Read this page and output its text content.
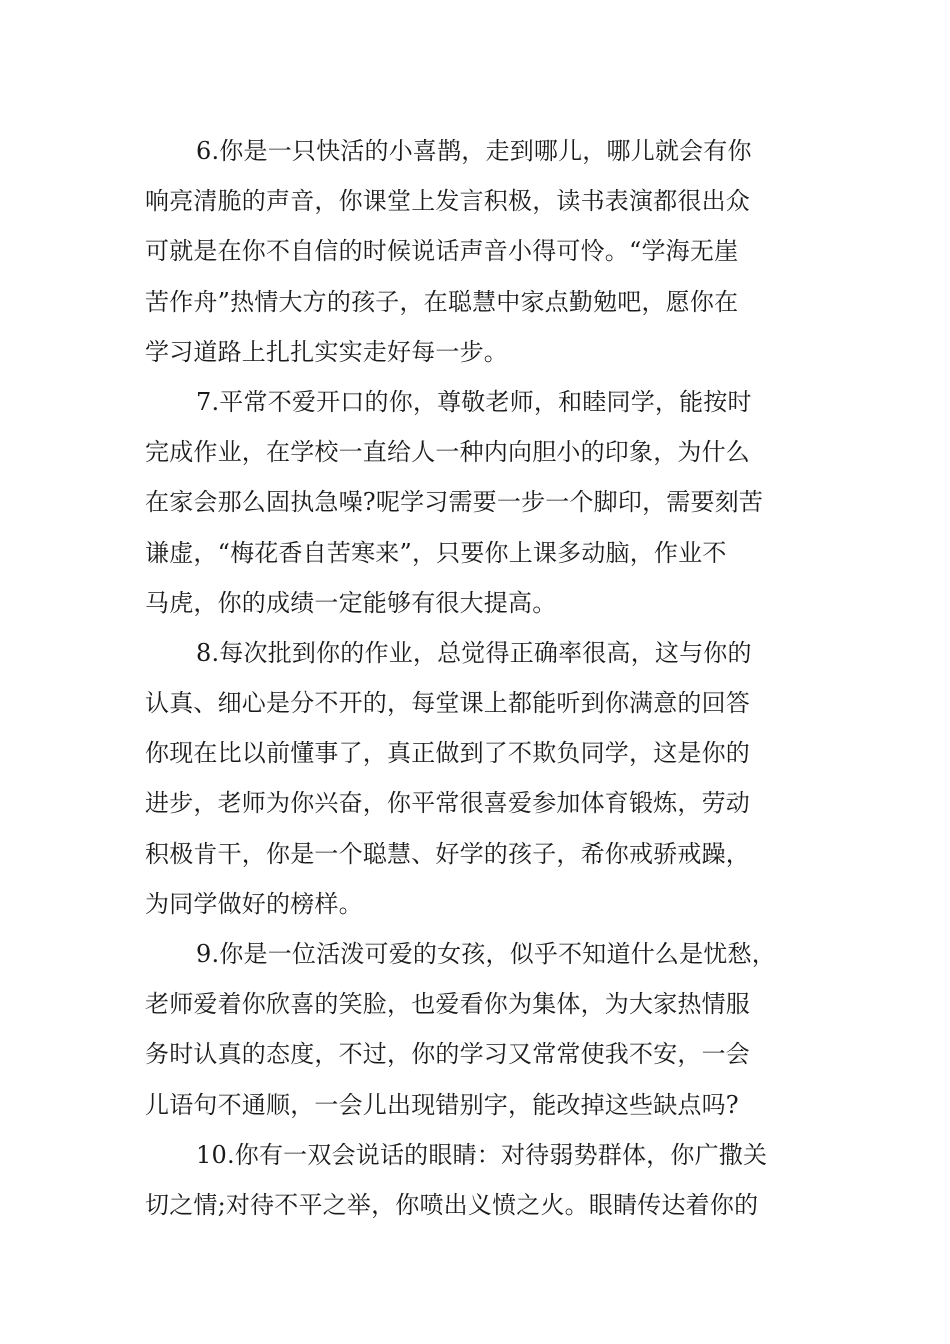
6.你是一只快活的小喜鹊，走到哪儿，哪儿就会有你
响亮清脆的声音，你课堂上发言积极，读书表演都很出众
可就是在你不自信的时候说话声音小得可怜。“学海无崖
苦作舟”热情大方的孩子，在聪慧中家点勤勉吧，愿你在
学习道路上扎扎实实走好每一步。
7.平常不爱开口的你，尊敬老师，和睦同学，能按时
完成作业，在学校一直给人一种内向胆小的印象，为什么
在家会那么固执急噪?呢学习需要一步一个脚印，需要刻苦
谦虚，“梅花香自苦寒来”，只要你上课多动脑，作业不
马虎，你的成绩一定能够有很大提高。
8.每次批到你的作业，总觉得正确率很高，这与你的
认真、细心是分不开的，每堂课上都能听到你满意的回答
你现在比以前懂事了，真正做到了不欺负同学，这是你的
进步，老师为你兴奋，你平常很喜爱参加体育锻炼，劳动
积极肯干，你是一个聪慧、好学的孩子，希你戒骄戒躁，
为同学做好的榜样。
9.你是一位活泼可爱的女孩，似乎不知道什么是忧愁，
老师爱着你欣喜的笑脸，也爱看你为集体，为大家热情服
务时认真的态度，不过，你的学习又常常使我不安，一会
儿语句不通顺，一会儿出现错别字，能改掉这些缺点吗?
10.你有一双会说话的眼睛：对待弱势群体，你广撒关
切之情;对待不平之举，你喷出义愤之火。眼睛传达着你的
